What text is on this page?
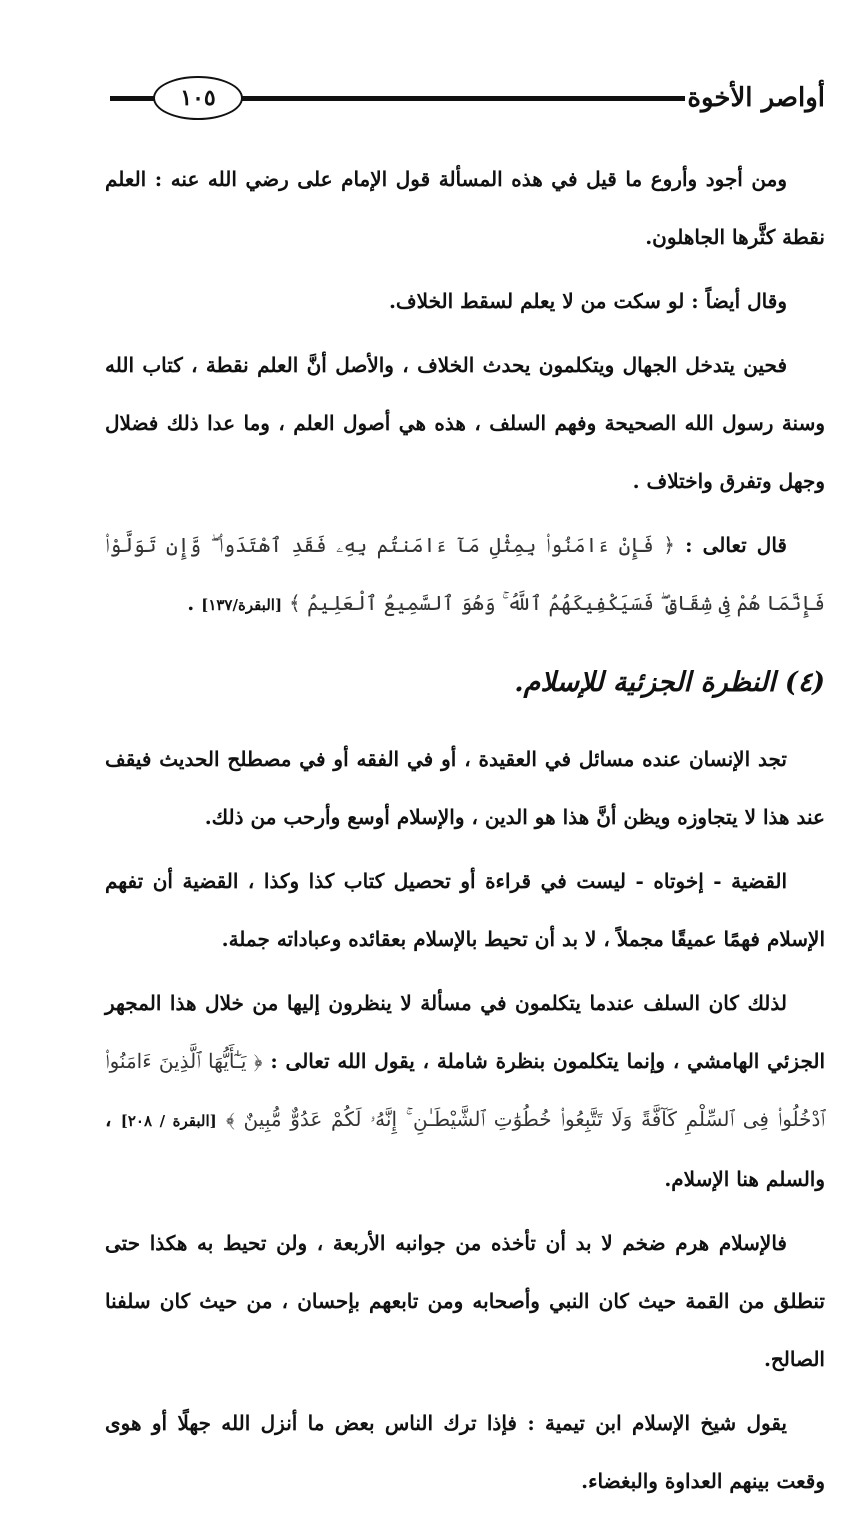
١٠٥	أواصر الأخوة

ومن أجود وأروع ما قيل في هذه المسألة قول الإمام على رضي الله عنه : العلم نقطة كثَّرها الجاهلون.

وقال أيضاً : لو سكت من لا يعلم لسقط الخلاف.

فحين يتدخل الجهال ويتكلمون يحدث الخلاف ، والأصل أنَّ العلم نقطة ، كتاب الله وسنة رسول الله الصحيحة وفهم السلف ، هذه هي أصول العلم ، وما عدا ذلك فضلال وجهل وتفرق واختلاف .

قال تعالى : ﴿ فَإِنْ ءَامَنُوا۟ بِمِثْلِ مَآ ءَامَنتُم بِهِۦ فَقَدِ ٱهْتَدَوا۟ ۖ وَّإِن تَوَلَّوْا۟ فَإِنَّمَا هُمْ فِى شِقَاقٍ ۖ فَسَيَكْفِيكَهُمُ ٱللَّهُ ۚ وَهُوَ ٱلسَّمِيعُ ٱلْعَلِيمُ ﴾ [البقرة/١٣٧] .

(٤) النظرة الجزئية للإسلام.

تجد الإنسان عنده مسائل في العقيدة ، أو في الفقه أو في مصطلح الحديث فيقف عند هذا لا يتجاوزه ويظن أنَّ هذا هو الدين ، والإسلام أوسع وأرحب من ذلك.

القضية - إخوتاه - ليست في قراءة أو تحصيل كتاب كذا وكذا ، القضية أن تفهم الإسلام فهمًا عميقًا مجملاً ، لا بد أن تحيط بالإسلام بعقائده وعباداته جملة.

لذلك كان السلف عندما يتكلمون في مسألة لا ينظرون إليها من خلال هذا المجهر الجزئي الهامشي ، وإنما يتكلمون بنظرة شاملة ، يقول الله تعالى : ﴿ يَـٰٓأَيُّهَا ٱلَّذِينَ ءَامَنُوا۟ ٱدْخُلُوا۟ فِى ٱلسِّلْمِ كَآفَّةً وَلَا تَتَّبِعُوا۟ خُطُوَٰتِ ٱلشَّيْطَـٰنِ ۚ إِنَّهُۥ لَكُمْ عَدُوٌّ مُّبِينٌ ﴾ [البقرة / ٢٠٨] ، والسلم هنا الإسلام.

فالإسلام هرم ضخم لا بد أن تأخذه من جوانبه الأربعة ، ولن تحيط به هكذا حتى تنطلق من القمة حيث كان النبي وأصحابه ومن تابعهم بإحسان ، من حيث كان سلفنا الصالح.

يقول شيخ الإسلام ابن تيمية : فإذا ترك الناس بعض ما أنزل الله جهلًا أو هوى وقعت بينهم العداوة والبغضاء.
